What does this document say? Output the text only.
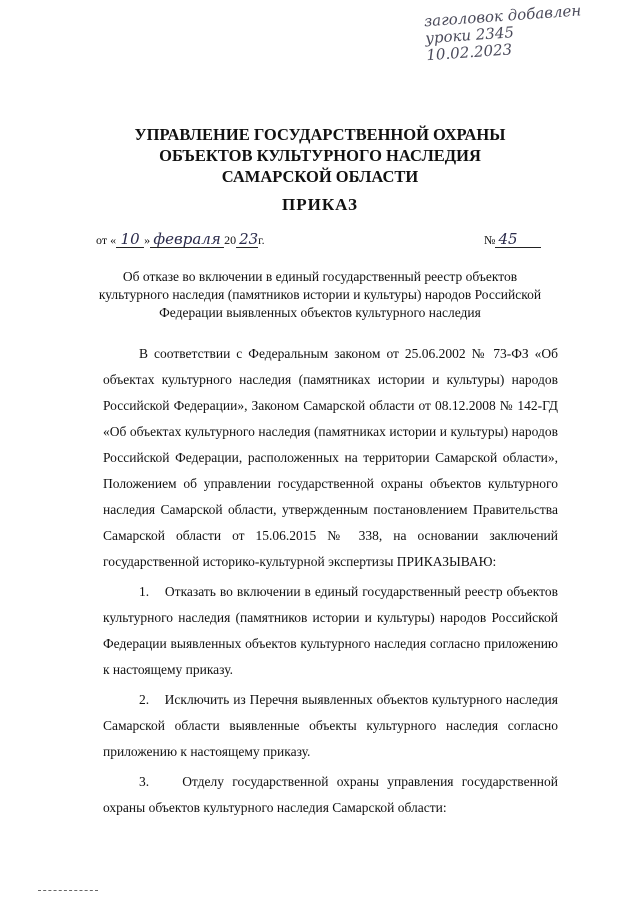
заголовок добавлен
уроки 2345
10.02.2023
УПРАВЛЕНИЕ ГОСУДАРСТВЕННОЙ ОХРАНЫ
ОБЪЕКТОВ КУЛЬТУРНОГО НАСЛЕДИЯ
САМАРСКОЙ ОБЛАСТИ
ПРИКАЗ
от « 10 » февраля 20 23 г.	№ 45
Об отказе во включении в единый государственный реестр объектов
культурного наследия (памятников истории и культуры) народов Российской
Федерации выявленных объектов культурного наследия

В соответствии с Федеральным законом от 25.06.2002 № 73-ФЗ «Об объектах культурного наследия (памятниках истории и культуры) народов Российской Федерации», Законом Самарской области от 08.12.2008 № 142-ГД «Об объектах культурного наследия (памятниках истории и культуры) народов Российской Федерации, расположенных на территории Самарской области», Положением об управлении государственной охраны объектов культурного наследия Самарской области, утвержденным постановлением Правительства Самарской области от 15.06.2015 № 338, на основании заключений государственной историко-культурной экспертизы ПРИКАЗЫВАЮ:

1.    Отказать во включении в единый государственный реестр объектов культурного наследия (памятников истории и культуры) народов Российской Федерации выявленных объектов культурного наследия согласно приложению к настоящему приказу.

2.    Исключить из Перечня выявленных объектов культурного наследия Самарской области выявленные объекты культурного наследия согласно приложению к настоящему приказу.

3.    Отделу государственной охраны управления государственной охраны объектов культурного наследия Самарской области:
